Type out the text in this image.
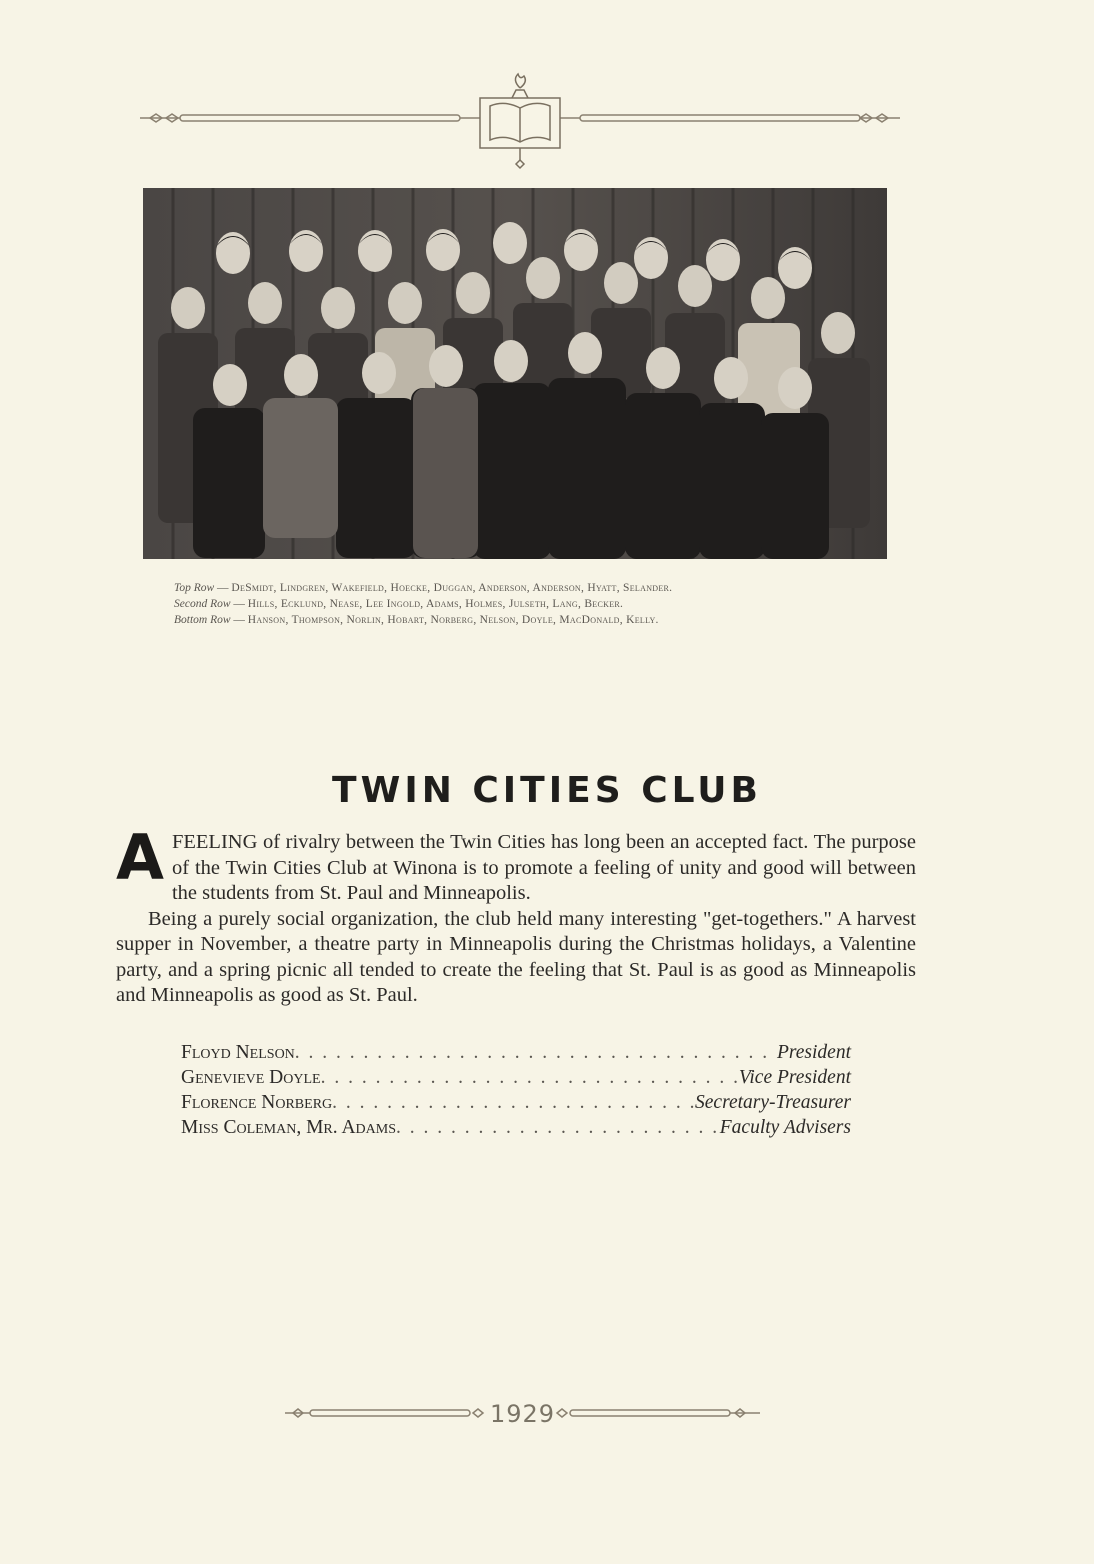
Top Row — DeSmidt, Lindgren, Wakefield, Hoecke, Duggan, Anderson, Anderson, Hyatt, Selander.
Second Row — Hills, Ecklund, Nease, Lee Ingold, Adams, Holmes, Julseth, Lang, Becker.
Bottom Row — Hanson, Thompson, Norlin, Hobart, Norberg, Nelson, Doyle, MacDonald, Kelly.
TWIN CITIES CLUB

AFEELING of rivalry between the Twin Cities has long been an accepted fact. The purpose of the Twin Cities Club at Winona is to promote a feeling of unity and good will between the students from St. Paul and Minneapolis.

Being a purely social organization, the club held many interesting "get-togethers." A harvest supper in November, a theatre party in Minneapolis during the Christmas holidays, a Valentine party, and a spring picnic all tended to create the feeling that St. Paul is as good as Minneapolis and Minneapolis as good as St. Paul.

Floyd Nelson . . .	President
Genevieve Doyle . . .	Vice President
Florence Norberg . . .	Secretary-Treasurer
Miss Coleman, Mr. Adams . . .	Faculty Advisers
1929
